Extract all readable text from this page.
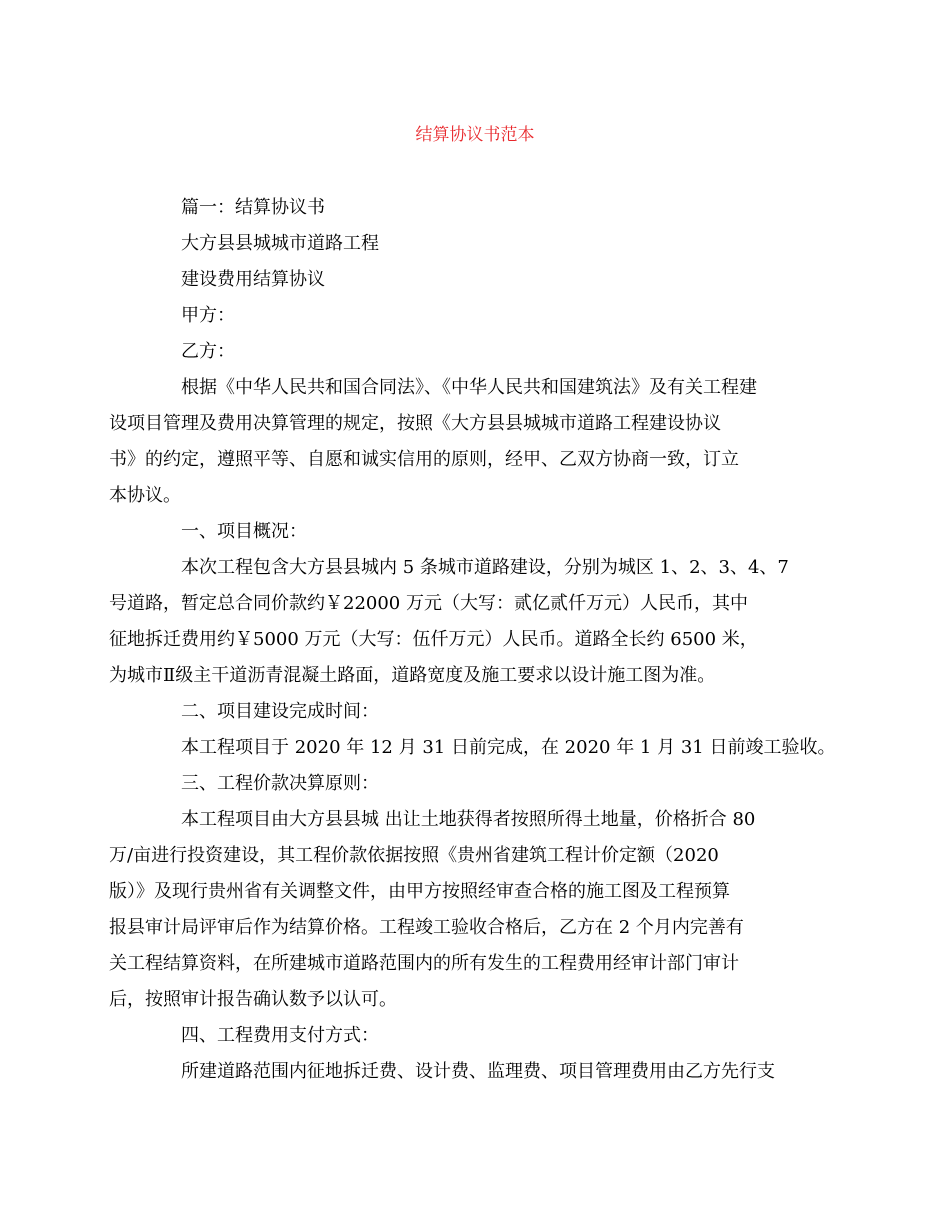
结算协议书范本

篇一：结算协议书

大方县县城城市道路工程

建设费用结算协议

甲方：

乙方：

根据《中华人民共和国合同法》、《中华人民共和国建筑法》及有关工程建
设项目管理及费用决算管理的规定，按照《大方县县城城市道路工程建设协议
书》的约定，遵照平等、自愿和诚实信用的原则，经甲、乙双方协商一致，订立
本协议。

一、项目概况：

本次工程包含大方县县城内 5 条城市道路建设，分别为城区 1、2、3、4、7
号道路，暂定总合同价款约￥22000 万元（大写：贰亿贰仟万元）人民币，其中
征地拆迁费用约￥5000 万元（大写：伍仟万元）人民币。道路全长约 6500 米，
为城市Ⅱ级主干道沥青混凝土路面，道路宽度及施工要求以设计施工图为准。

二、项目建设完成时间：

本工程项目于 2020 年 12 月 31 日前完成，在 2020 年 1 月 31 日前竣工验收。

三、工程价款决算原则：

本工程项目由大方县县城 出让土地获得者按照所得土地量，价格折合 80
万/亩进行投资建设，其工程价款依据按照《贵州省建筑工程计价定额（2020
版）》及现行贵州省有关调整文件，由甲方按照经审查合格的施工图及工程预算
报县审计局评审后作为结算价格。工程竣工验收合格后，乙方在 2 个月内完善有
关工程结算资料，在所建城市道路范围内的所有发生的工程费用经审计部门审计
后，按照审计报告确认数予以认可。

四、工程费用支付方式：

所建道路范围内征地拆迁费、设计费、监理费、项目管理费用由乙方先行支
